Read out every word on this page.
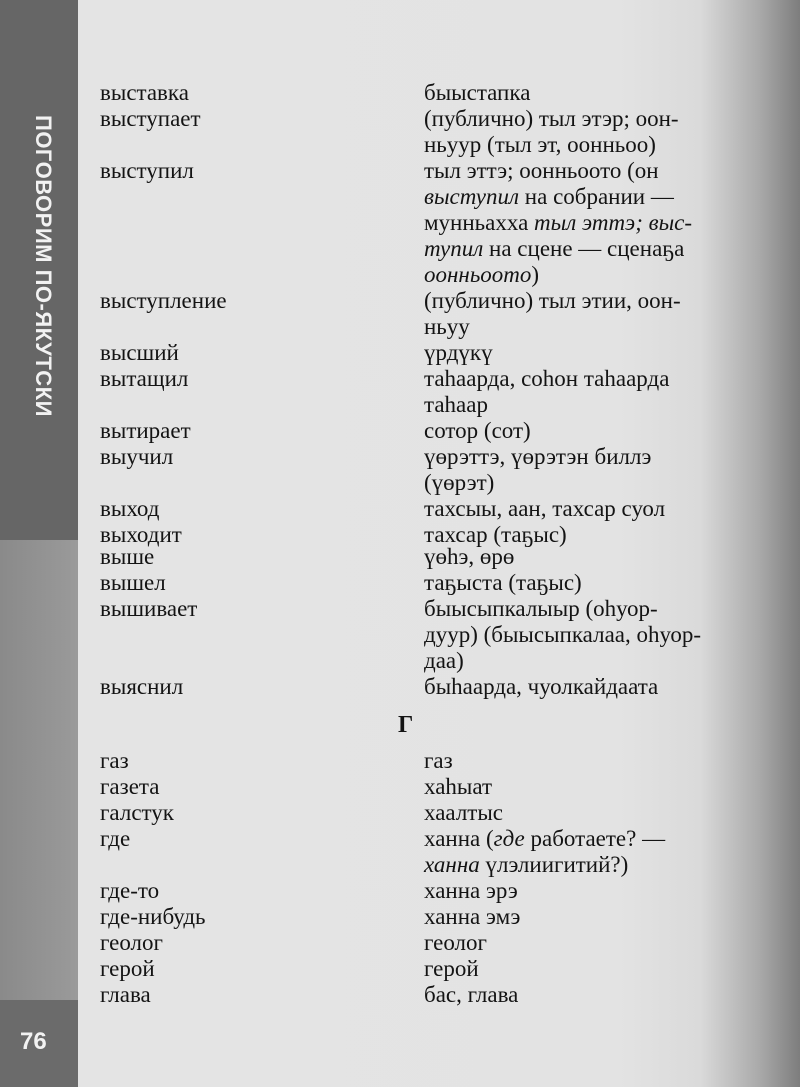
ПОГОВОРИМ ПО-ЯКУТСКИ
76
выставка	быыстапка
выступает	(публично) тыл этэр; оон-
ньуур (тыл эт, оонньоо)
выступил	тыл эттэ; оонньоото (он
выступил на собрании —
мунньахха тыл эттэ; выс-
тупил на сцене — сценаҕа
оонньоото)
выступление	(публично) тыл этии, оон-
ньуу
высший	үрдүкү
вытащил	таһаарда, соһон таһаарда
таһаар
вытирает	сотор (сот)
выучил	үөрэттэ, үөрэтэн биллэ
(үөрэт)
выход	тахсыы, аан, тахсар суол
выходит	тахсар (таҕыс)
выше	үөһэ, өрө
вышел	таҕыста (таҕыс)
вышивает	быысыпкалыыр (оһуор-
дуур) (быысыпкалаа, оһуор-
даа)
выяснил	быһаарда, чуолкайдаата
Г
газ	газ
газета	хаһыат
галстук	хаалтыс
где	ханна (где работаете? —
ханна үлэлиигитий?)
где-то	ханна эрэ
где-нибудь	ханна эмэ
геолог	геолог
герой	герой
глава	бас, глава
